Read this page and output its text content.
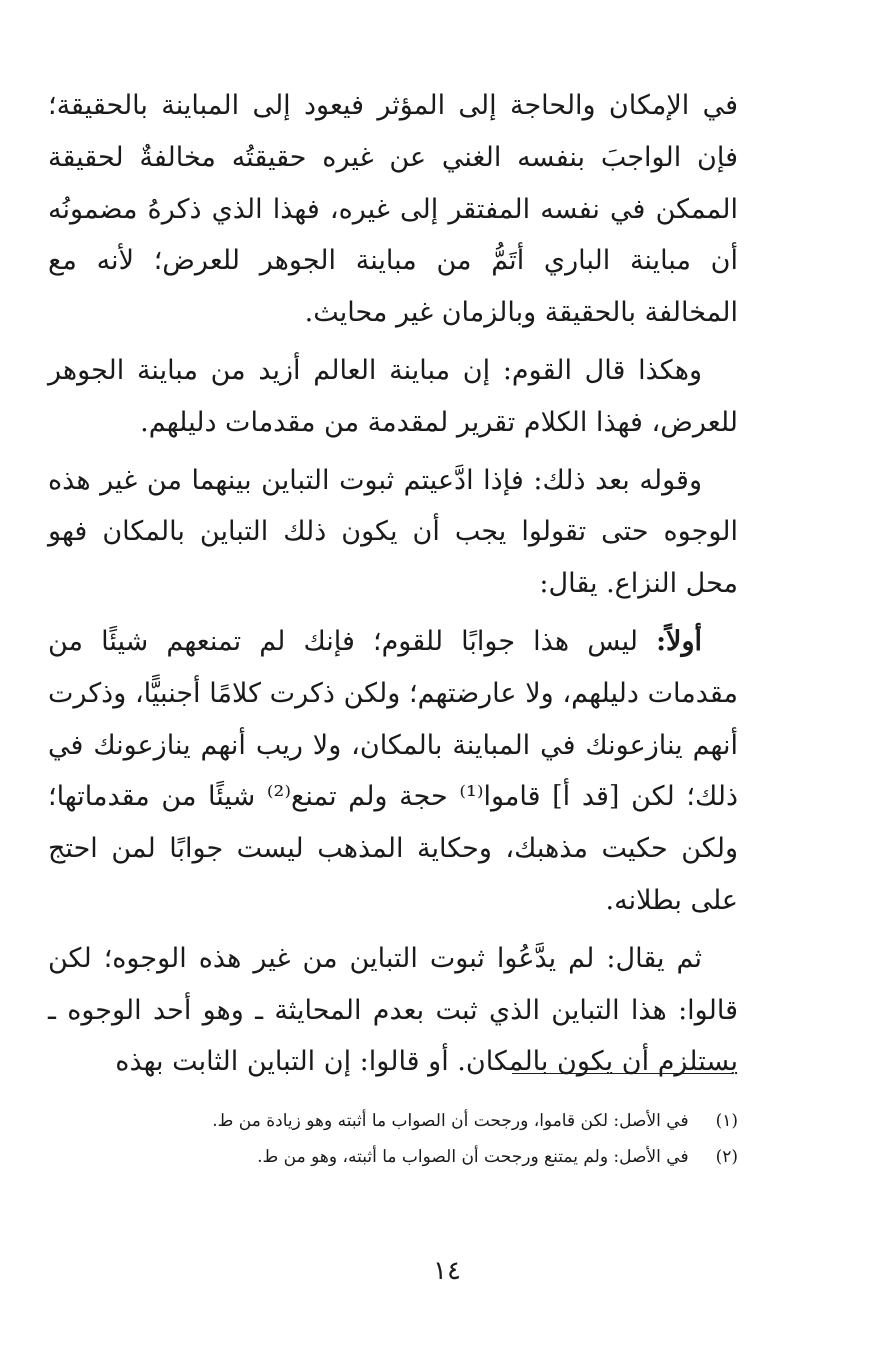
في الإمكان والحاجة إلى المؤثر فيعود إلى المباينة بالحقيقة؛ فإن الواجبَ بنفسه الغني عن غيره حقيقتُه مخالفةٌ لحقيقة الممكن في نفسه المفتقر إلى غيره، فهذا الذي ذكرهُ مضمونُه أن مباينة الباري أتَمُّ من مباينة الجوهر للعرض؛ لأنه مع المخالفة بالحقيقة وبالزمان غير محايث.

وهكذا قال القوم: إن مباينة العالم أزيد من مباينة الجوهر للعرض، فهذا الكلام تقرير لمقدمة من مقدمات دليلهم.

وقوله بعد ذلك: فإذا ادَّعيتم ثبوت التباين بينهما من غير هذه الوجوه حتى تقولوا يجب أن يكون ذلك التباين بالمكان فهو محل النزاع. يقال:

أولاً: ليس هذا جوابًا للقوم؛ فإنك لم تمنعهم شيئًا من مقدمات دليلهم، ولا عارضتهم؛ ولكن ذكرت كلامًا أجنبيًّا، وذكرت أنهم ينازعونك في المباينة بالمكان، ولا ريب أنهم ينازعونك في ذلك؛ لكن [قد أ] قاموا⁽¹⁾ حجة ولم تمنع⁽²⁾ شيئًا من مقدماتها؛ ولكن حكيت مذهبك، وحكاية المذهب ليست جوابًا لمن احتج على بطلانه.

ثم يقال: لم يدَّعُوا ثبوت التباين من غير هذه الوجوه؛ لكن قالوا: هذا التباين الذي ثبت بعدم المحايثة ـ وهو أحد الوجوه ـ يستلزم أن يكون بالمكان. أو قالوا: إن التباين الثابت بهذه

(١) في الأصل: لكن قاموا، ورجحت أن الصواب ما أثبته وهو زيادة من ط.
(٢) في الأصل: ولم يمتنع ورجحت أن الصواب ما أثبته، وهو من ط.
١٤
